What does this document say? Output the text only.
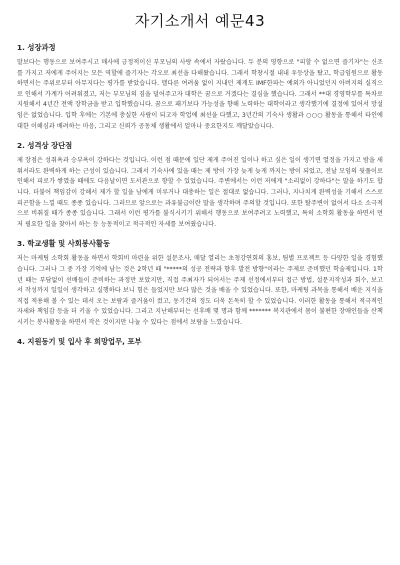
자기소개서 예문43
1. 성장과정

말보다는 행동으로 보여주시고 매사에 긍정적이신 부모님의 사랑 속에서 자랐습니다. 두 분의 영향으로 "피할 수 없으면 즐기자"는 신조를 가지고 저에게 주어지는 모든 역할에 즐기자는 각오로 최선을 다해왔습니다. 그래서 학창시절 내내 우등상을 탔고, 학급임원으로 활동하면서는 주위로부터 아무지다는 평가를 받았습니다. 맬다른 여려움 없이 지내던 제게도 IMF한파는 예외가 아니었던지 아버지의 실직으로 인해서 가계가 어려워졌고, 저는 부모님의 짐을 덜어주고자 대학은 꿈으로 거겠다는 결심을 했습니다. 그래서 **대 경영학부를 특차로 지원해서 4년간 전액 장학금을 받고 입학했습니다. 꿈으로 패기보다 가능성을 향해 노력하는 대학이라고 생각했기에 결정에 있어서 망설임은 없었습니다. 입학 후에는 기본에 충실한 사람이 되고자 학업에 최선을 다했고, 3년간의 기숙사 생활과 ○○○ 활동을 통해서 타인에 대한 이해심과 배려하는 마음, 그리고 신뢰가 공동체 생활에서 얼마나 중요한지도 깨달았습니다.

2. 성격상 장단점

제 장점은 성취욕과 승부욕이 강하다는 것입니다. 이런 점 때문에 일단 제게 주어진 일이나 하고 싶은 일이 생기면 열정을 가지고 밤을 새워서라도 완벽하게 하는 근성이 있습니다. 그래서 기숙사에 있을 때는 제 방이 가장 늦게 늦게 까지는 방이 되었고, 전날 모임의 뒷풀이로 인해서 피로가 쌓였을 때에도 다음날이면 도서관으로 향할 수 있었습니다. 주변에서는 이런 저에게 "소리없이 강하다"는 말을 하기도 합니다. 더불어 책임감이 강해서 제가 할 일을 남에게 미루거나 대충하는 일은 절대로 없습니다. 그러나, 지나치게 완벽성을 기해서 스스로 피곤함을 느낄 때도 종종 있습니다. 그러므로 앞으로는 과유불급이란 말을 생각하며 주의할 것입니다. 또한 탈주변이 없어서 다소 소극적으로 비춰질 때가 종종 있습니다. 그래서 이런 평가를 불식시키기 위해서 행동으로 보여주려고 노력했고, 특히 소학회 활동을 하면서 먼저 필요한 일을 찾아서 하는 등 능동적이고 적극적인 자세를 보여줬습니다.

3. 학교생활 및 사회봉사활동

저는 마케팅 소학회 활동을 하면서 학회비 마련을 위한 설문조사, 매달 열리는 초청강연회의 홍보, 팀별 프로젝트 등 다양한 일을 경험했습니다. 그러나 그 중 가장 기억에 남는 것은 2학년 때 "*****의 성공 전략과 향후 발전 방향"이라는 주제로 준비했던 학술제입니다. 1학년 때는 부담없이 선배들이 준비하는 과정만 보았지만, 직접 주최자가 되어서는 주제 선정에서부터 접근 방법, 설문지작성과 회수, 보고서 작성까지 일일이 생각하고 실행하다 보니 힘은 들었지만 보다 많은 것을 배울 수 있었습니다. 또한, 마케팅 과목을 통해서 배운 지식을 직접 적용해 볼 수 있는 데서 오는 보람과 즐거움이 컸고, 동기간의 정도 더욱 돈독히 할 수 있었습니다. 이러한 활동을 통해서 적극적인 자세와 책임감 등을 더 키울 수 있었습니다. 그리고 지난해부터는 선후배 몇 명과 함께 ******* 복지관에서 몸이 불편한 장애인들을 산책시키는 봉사활동을 하면서 작은 것이지만 나눌 수 있다는 점에서 보람을 느꼈습니다.

4. 지원동기 및 입사 후 희망업무, 포부
